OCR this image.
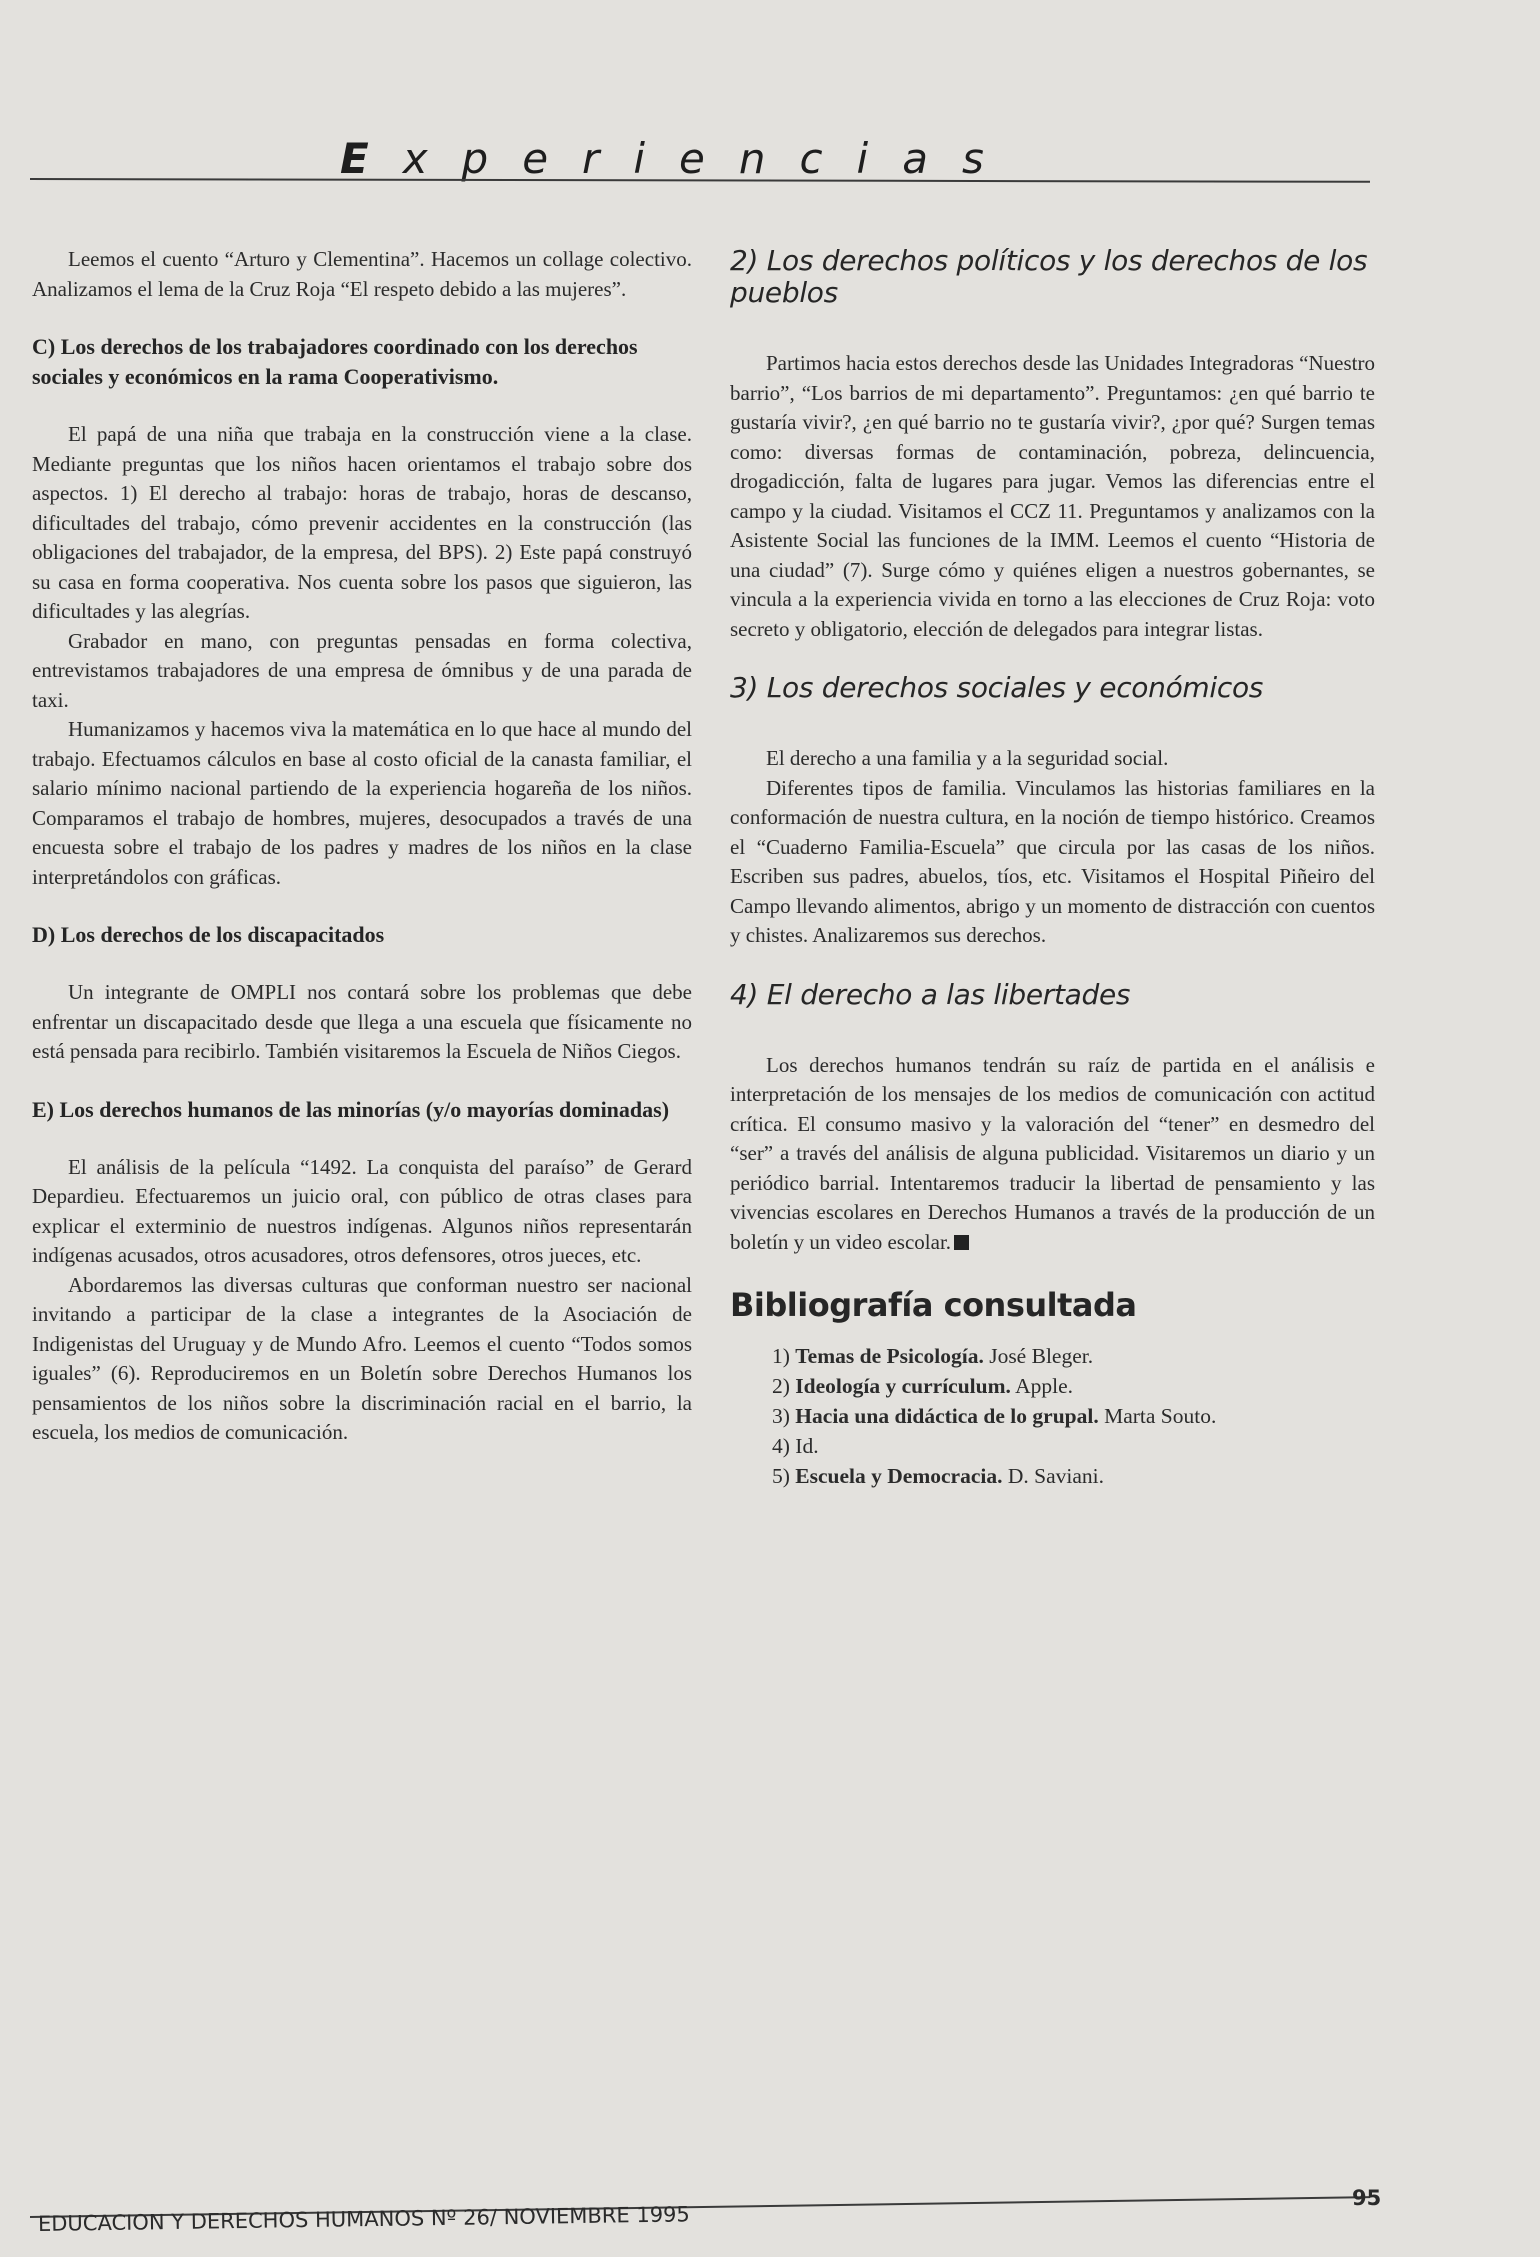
Experiencias

Leemos el cuento “Arturo y Clementina”. Hacemos un collage colectivo. Analizamos el lema de la Cruz Roja “El respeto debido a las mujeres”.

C) Los derechos de los trabajadores coordinado con los derechos sociales y económicos en la rama Cooperativismo.

El papá de una niña que trabaja en la construcción viene a la clase. Mediante preguntas que los niños hacen orientamos el trabajo sobre dos aspectos. 1) El derecho al trabajo: horas de trabajo, horas de descanso, dificultades del trabajo, cómo prevenir accidentes en la construcción (las obligaciones del trabajador, de la empresa, del BPS). 2) Este papá construyó su casa en forma cooperativa. Nos cuenta sobre los pasos que siguieron, las dificultades y las alegrías.

Grabador en mano, con preguntas pensadas en forma colectiva, entrevistamos trabajadores de una empresa de ómnibus y de una parada de taxi.

Humanizamos y hacemos viva la matemática en lo que hace al mundo del trabajo. Efectuamos cálculos en base al costo oficial de la canasta familiar, el salario mínimo nacional partiendo de la experiencia hogareña de los niños. Comparamos el trabajo de hombres, mujeres, desocupados a través de una encuesta sobre el trabajo de los padres y madres de los niños en la clase interpretándolos con gráficas.

D) Los derechos de los discapacitados

Un integrante de OMPLI nos contará sobre los problemas que debe enfrentar un discapacitado desde que llega a una escuela que físicamente no está pensada para recibirlo. También visitaremos la Escuela de Niños Ciegos.

E) Los derechos humanos de las minorías (y/o mayorías dominadas)

El análisis de la película “1492. La conquista del paraíso” de Gerard Depardieu. Efectuaremos un juicio oral, con público de otras clases para explicar el exterminio de nuestros indígenas. Algunos niños representarán indígenas acusados, otros acusadores, otros defensores, otros jueces, etc.

Abordaremos las diversas culturas que conforman nuestro ser nacional invitando a participar de la clase a integrantes de la Asociación de Indigenistas del Uruguay y de Mundo Afro. Leemos el cuento “Todos somos iguales” (6). Reproduciremos en un Boletín sobre Derechos Humanos los pensamientos de los niños sobre la discriminación racial en el barrio, la escuela, los medios de comunicación.

2) Los derechos políticos y los derechos de los pueblos

Partimos hacia estos derechos desde las Unidades Integradoras “Nuestro barrio”, “Los barrios de mi departamento”. Preguntamos: ¿en qué barrio te gustaría vivir?, ¿en qué barrio no te gustaría vivir?, ¿por qué? Surgen temas como: diversas formas de contaminación, pobreza, delincuencia, drogadicción, falta de lugares para jugar. Vemos las diferencias entre el campo y la ciudad. Visitamos el CCZ 11. Preguntamos y analizamos con la Asistente Social las funciones de la IMM. Leemos el cuento “Historia de una ciudad” (7). Surge cómo y quiénes eligen a nuestros gobernantes, se vincula a la experiencia vivida en torno a las elecciones de Cruz Roja: voto secreto y obligatorio, elección de delegados para integrar listas.

3) Los derechos sociales y económicos

El derecho a una familia y a la seguridad social.

Diferentes tipos de familia. Vinculamos las historias familiares en la conformación de nuestra cultura, en la noción de tiempo histórico. Creamos el “Cuaderno Familia-Escuela” que circula por las casas de los niños. Escriben sus padres, abuelos, tíos, etc. Visitamos el Hospital Piñeiro del Campo llevando alimentos, abrigo y un momento de distracción con cuentos y chistes. Analizaremos sus derechos.

4) El derecho a las libertades

Los derechos humanos tendrán su raíz de partida en el análisis e interpretación de los mensajes de los medios de comunicación con actitud crítica. El consumo masivo y la valoración del “tener” en desmedro del “ser” a través del análisis de alguna publicidad. Visitaremos un diario y un periódico barrial. Intentaremos traducir la libertad de pensamiento y las vivencias escolares en Derechos Humanos a través de la producción de un boletín y un video escolar.

Bibliografía consultada
1) Temas de Psicología. José Bleger.
2) Ideología y currículum. Apple.
3) Hacia una didáctica de lo grupal. Marta Souto.
4) Id.
5) Escuela y Democracia. D. Saviani.
EDUCACION Y DERECHOS HUMANOS Nº 26/ NOVIEMBRE 1995
95
